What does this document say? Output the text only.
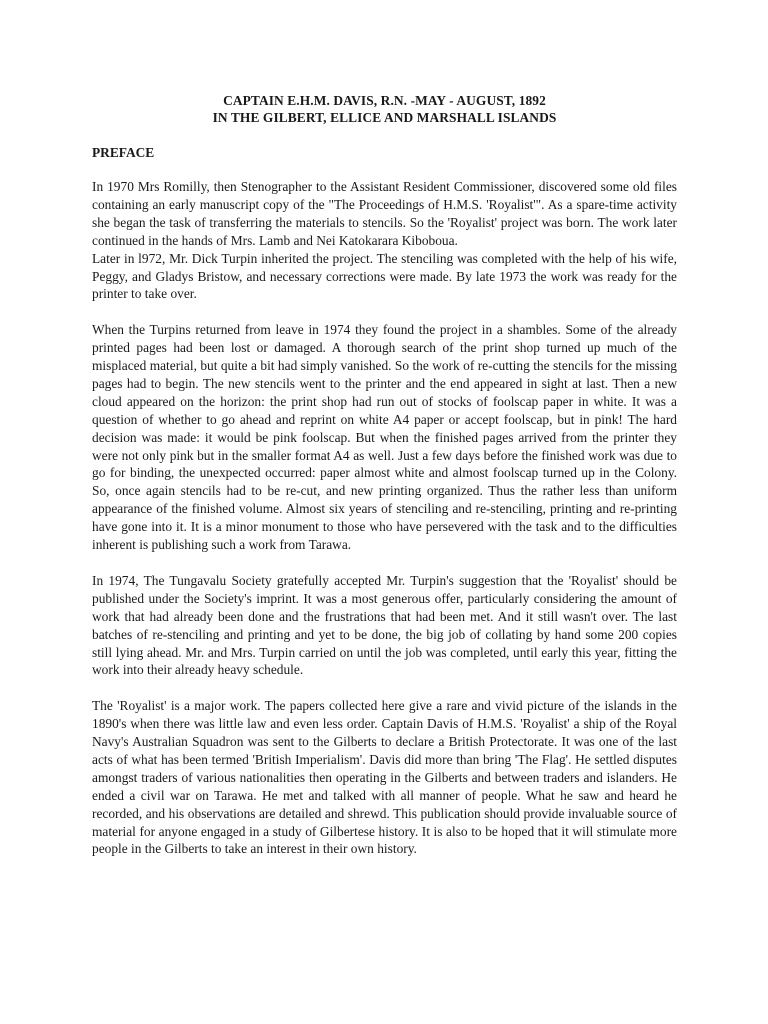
CAPTAIN E.H.M. DAVIS, R.N. -MAY - AUGUST, 1892

IN THE GILBERT, ELLICE AND MARSHALL ISLANDS

PREFACE

In 1970 Mrs Romilly, then Stenographer to the Assistant Resident Commissioner, discovered some old files containing an early manuscript copy of the "The Proceedings of H.M.S. 'Royalist'". As a spare-time activity she began the task of transferring the materials to stencils. So the 'Royalist' project was born. The work later continued in the hands of Mrs. Lamb and Nei Katokarara Kiboboua.

Later in l972, Mr. Dick Turpin inherited the project. The stenciling was completed with the help of his wife, Peggy, and Gladys Bristow, and necessary corrections were made. By late 1973 the work was ready for the printer to take over.

When the Turpins returned from leave in 1974 they found the project in a shambles. Some of the already printed pages had been lost or damaged. A thorough search of the print shop turned up much of the misplaced material, but quite a bit had simply vanished. So the work of re-cutting the stencils for the missing pages had to begin. The new stencils went to the printer and the end appeared in sight at last. Then a new cloud appeared on the horizon: the print shop had run out of stocks of foolscap paper in white. It was a question of whether to go ahead and reprint on white A4 paper or accept foolscap, but in pink! The hard decision was made: it would be pink foolscap. But when the finished pages arrived from the printer they were not only pink but in the smaller format A4 as well. Just a few days before the finished work was due to go for binding, the unexpected occurred: paper almost white and almost foolscap turned up in the Colony. So, once again stencils had to be re-cut, and new printing organized. Thus the rather less than uniform appearance of the finished volume. Almost six years of stenciling and re-stenciling, printing and re-printing have gone into it. It is a minor monument to those who have persevered with the task and to the difficulties inherent is publishing such a work from Tarawa.

In 1974, The Tungavalu Society gratefully accepted Mr. Turpin's suggestion that the 'Royalist' should be published under the Society's imprint. It was a most generous offer, particularly considering the amount of work that had already been done and the frustrations that had been met. And it still wasn't over. The last batches of re-stenciling and printing and yet to be done, the big job of collating by hand some 200 copies still lying ahead. Mr. and Mrs. Turpin carried on until the job was completed, until early this year, fitting the work into their already heavy schedule.

The 'Royalist' is a major work. The papers collected here give a rare and vivid picture of the islands in the 1890's when there was little law and even less order. Captain Davis of H.M.S. 'Royalist' a ship of the Royal Navy's Australian Squadron was sent to the Gilberts to declare a British Protectorate. It was one of the last acts of what has been termed 'British Imperialism'. Davis did more than bring 'The Flag'. He settled disputes amongst traders of various nationalities then operating in the Gilberts and between traders and islanders. He ended a civil war on Tarawa. He met and talked with all manner of people. What he saw and heard he recorded, and his observations are detailed and shrewd. This publication should provide invaluable source of material for anyone engaged in a study of Gilbertese history. It is also to be hoped that it will stimulate more people in the Gilberts to take an interest in their own history.
